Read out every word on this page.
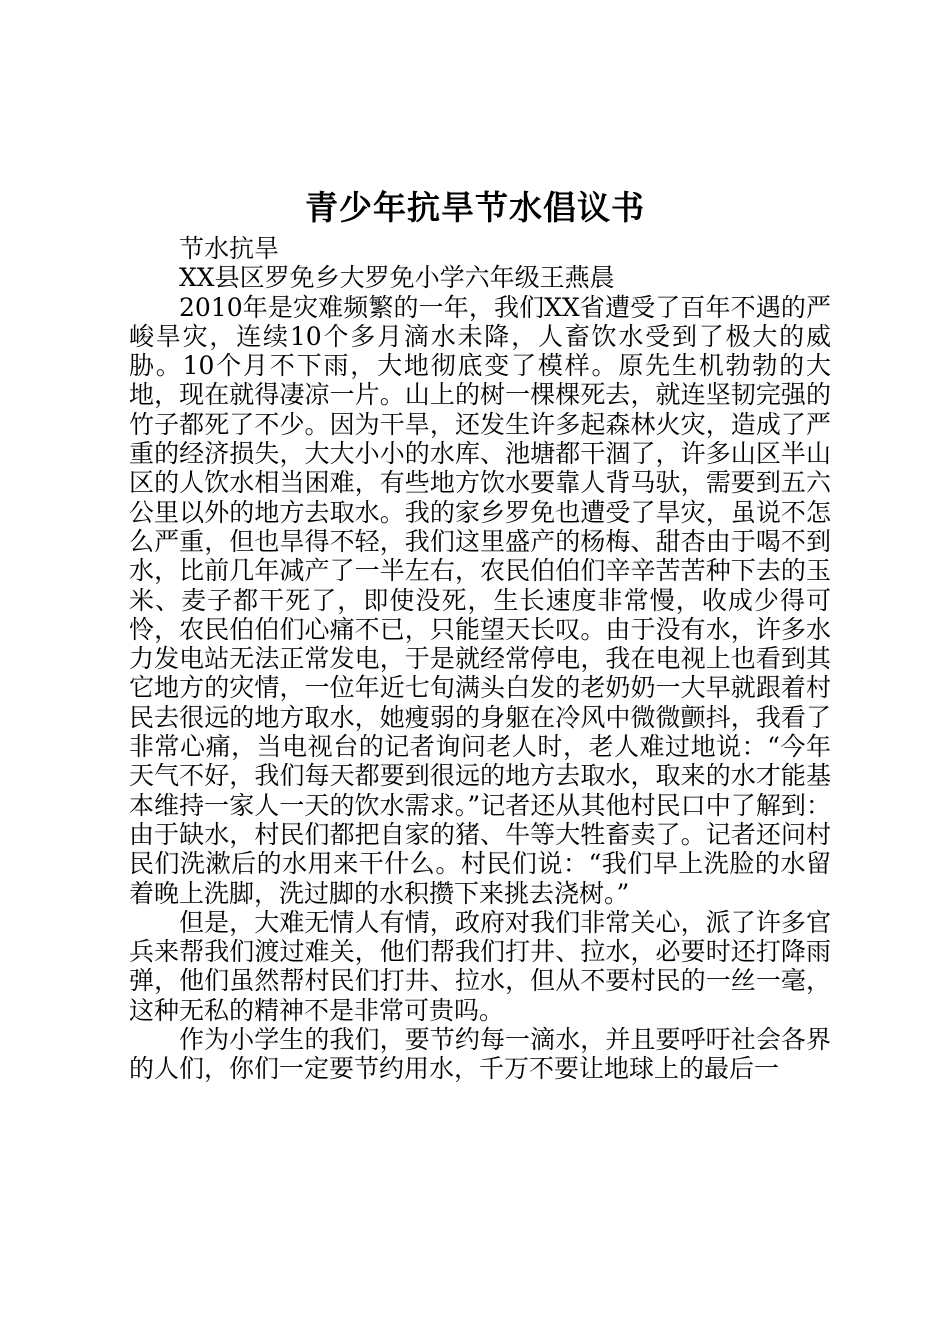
青少年抗旱节水倡议书

节水抗旱

XX县区罗免乡大罗免小学六年级王燕晨

2010年是灾难频繁的一年，我们XX省遭受了百年不遇的严峻旱灾，连续10个多月滴水未降，人畜饮水受到了极大的威胁。10个月不下雨，大地彻底变了模样。原先生机勃勃的大地，现在就得凄凉一片。山上的树一棵棵死去，就连坚韧完强的竹子都死了不少。因为干旱，还发生许多起森林火灾，造成了严重的经济损失，大大小小的水库、池塘都干涸了，许多山区半山区的人饮水相当困难，有些地方饮水要靠人背马驮，需要到五六公里以外的地方去取水。我的家乡罗免也遭受了旱灾，虽说不怎么严重，但也旱得不轻，我们这里盛产的杨梅、甜杏由于喝不到水，比前几年减产了一半左右，农民伯伯们辛辛苦苦种下去的玉米、麦子都干死了，即使没死，生长速度非常慢，收成少得可怜，农民伯伯们心痛不已，只能望天长叹。由于没有水，许多水力发电站无法正常发电，于是就经常停电，我在电视上也看到其它地方的灾情，一位年近七旬满头白发的老奶奶一大早就跟着村民去很远的地方取水，她瘦弱的身躯在冷风中微微颤抖，我看了非常心痛，当电视台的记者询问老人时，老人难过地说：“今年天气不好，我们每天都要到很远的地方去取水，取来的水才能基本维持一家人一天的饮水需求。”记者还从其他村民口中了解到：由于缺水，村民们都把自家的猪、牛等大牲畜卖了。记者还问村民们洗漱后的水用来干什么。村民们说：“我们早上洗脸的水留着晚上洗脚，洗过脚的水积攒下来挑去浇树。”

但是，大难无情人有情，政府对我们非常关心，派了许多官兵来帮我们渡过难关，他们帮我们打井、拉水，必要时还打降雨弹，他们虽然帮村民们打井、拉水，但从不要村民的一丝一毫，这种无私的精神不是非常可贵吗。

作为小学生的我们，要节约每一滴水，并且要呼吁社会各界的人们，你们一定要节约用水，千万不要让地球上的最后一
